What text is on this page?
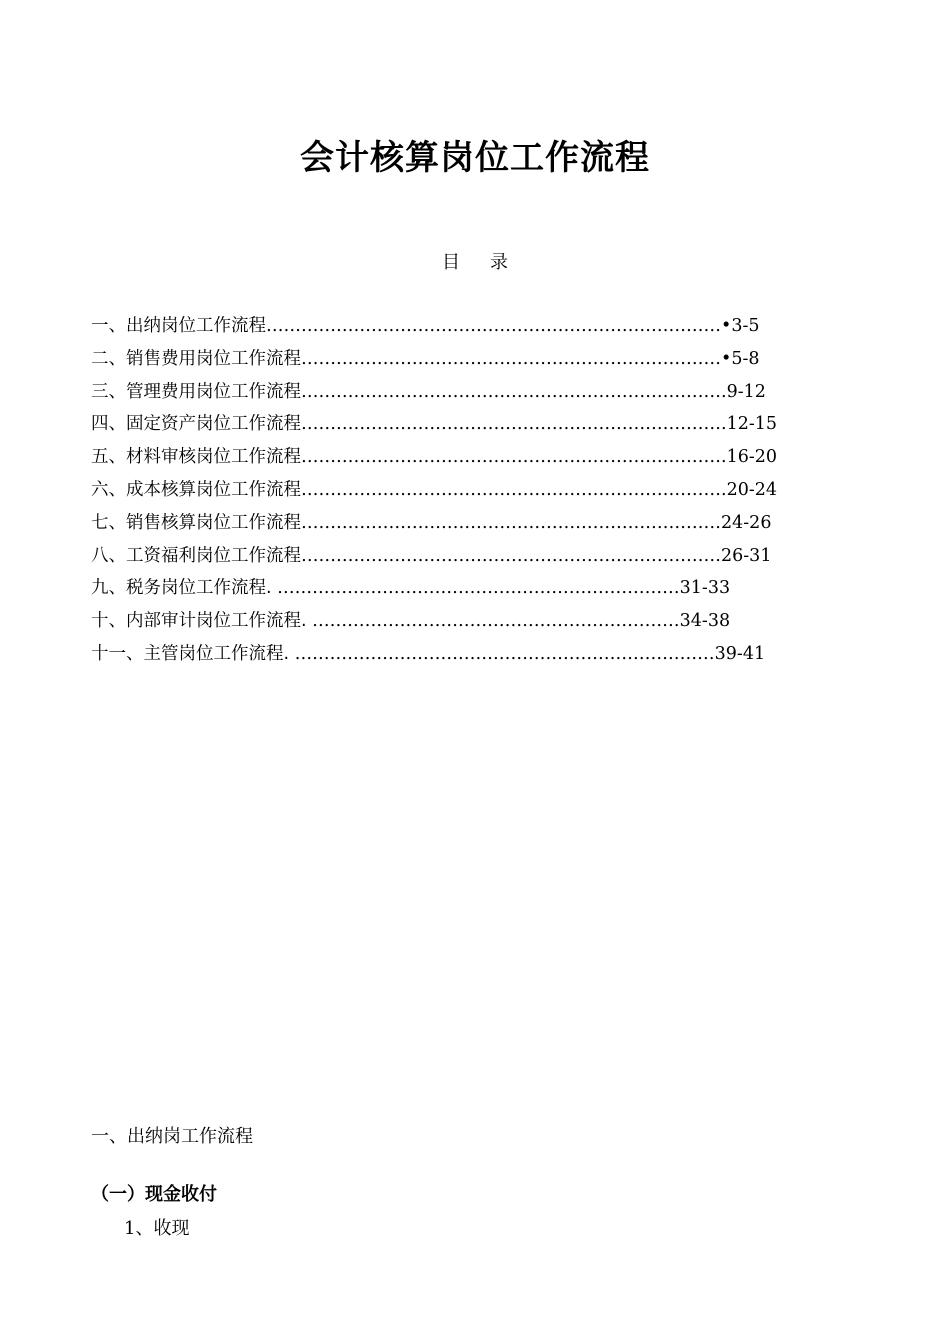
会计核算岗位工作流程
目 录
一、出纳岗位工作流程……………………………………………………………………•3-5
二、销售费用岗位工作流程………………………………………………………………•5-8
三、管理费用岗位工作流程……………………………………………………………….9-12
四、固定资产岗位工作流程……………………………………………………………….12-15
五、材料审核岗位工作流程……………………………………………………………….16-20
六、成本核算岗位工作流程……………………………………………………………….20-24
七、销售核算岗位工作流程………………………………………………………………24-26
八、工资福利岗位工作流程………………………………………………………………26-31
九、税务岗位工作流程. ……………………………………………………………31-33
十、内部审计岗位工作流程. ………………………………………………………34-38
十一、主管岗位工作流程. ………………………………………………………………39-41
一、出纳岗工作流程
（一）现金收付
1、收现
